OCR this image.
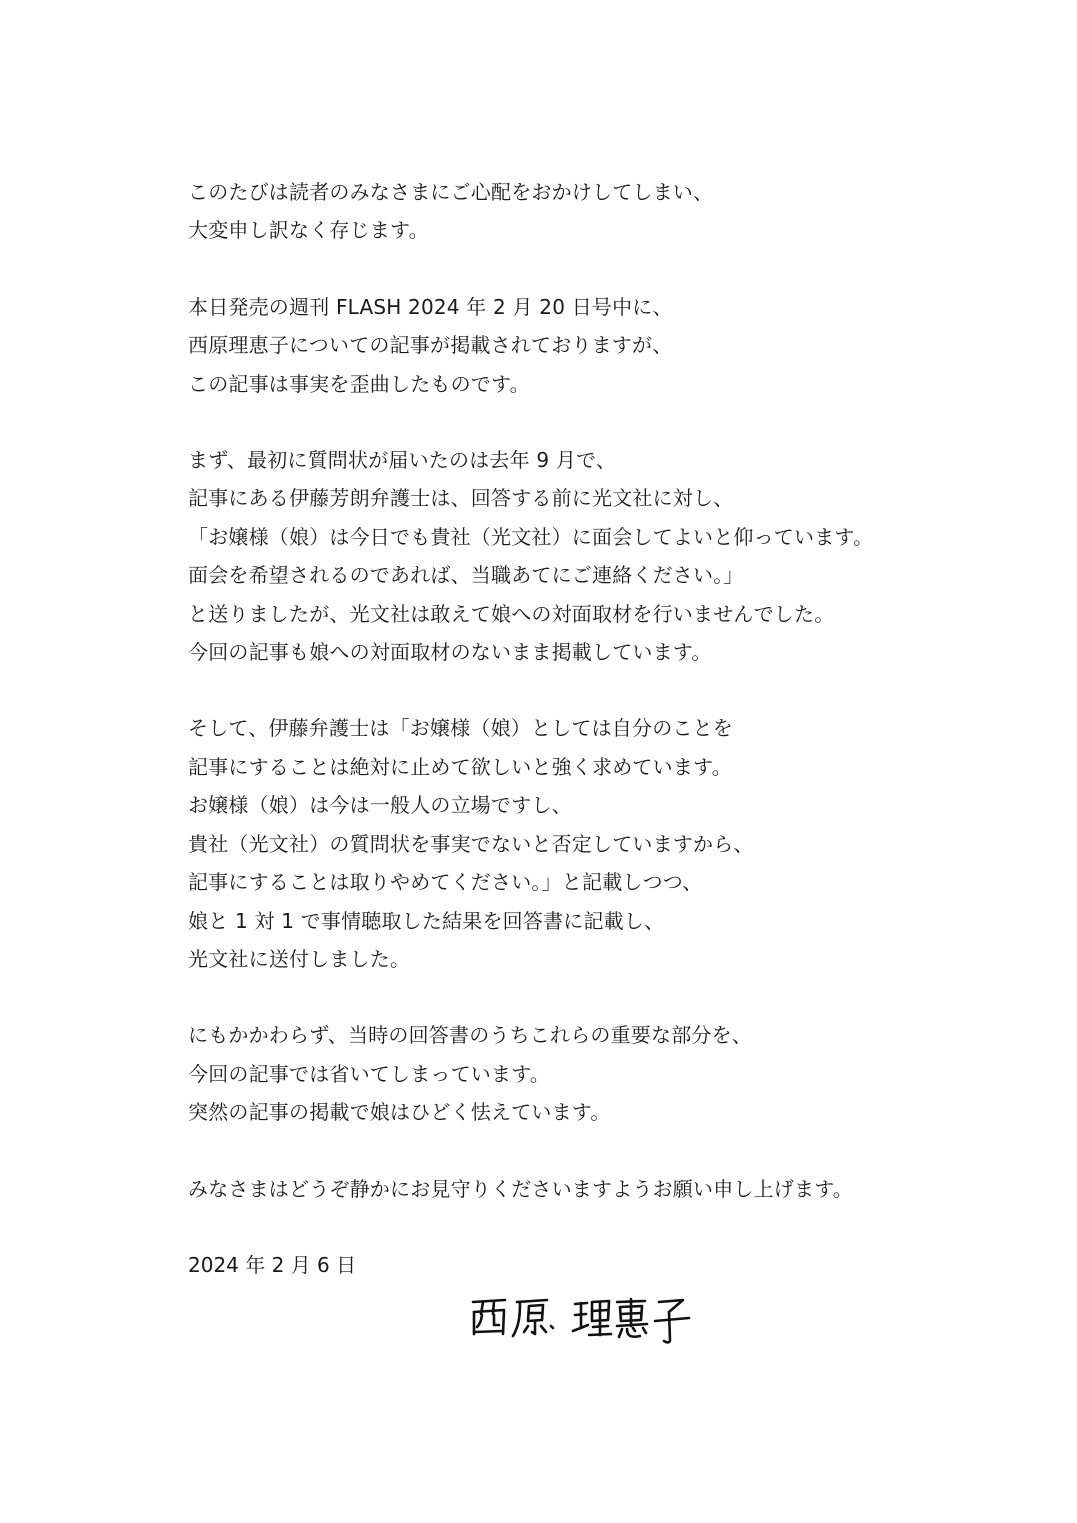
このたびは読者のみなさまにご心配をおかけしてしまい、
大変申し訳なく存じます。
本日発売の週刊 FLASH 2024 年 2 月 20 日号中に、
西原理恵子についての記事が掲載されておりますが、
この記事は事実を歪曲したものです。
まず、最初に質問状が届いたのは去年 9 月で、
記事にある伊藤芳朗弁護士は、回答する前に光文社に対し、
「お嬢様（娘）は今日でも貴社（光文社）に面会してよいと仰っています。
面会を希望されるのであれば、当職あてにご連絡ください。」
と送りましたが、光文社は敢えて娘への対面取材を行いませんでした。
今回の記事も娘への対面取材のないまま掲載しています。
そして、伊藤弁護士は「お嬢様（娘）としては自分のことを
記事にすることは絶対に止めて欲しいと強く求めています。
お嬢様（娘）は今は一般人の立場ですし、
貴社（光文社）の質問状を事実でないと否定していますから、
記事にすることは取りやめてください。」と記載しつつ、
娘と 1 対 1 で事情聴取した結果を回答書に記載し、
光文社に送付しました。
にもかかわらず、当時の回答書のうちこれらの重要な部分を、
今回の記事では省いてしまっています。
突然の記事の掲載で娘はひどく怯えています。
みなさまはどうぞ静かにお見守りくださいますようお願い申し上げます。
2024 年 2 月 6 日
